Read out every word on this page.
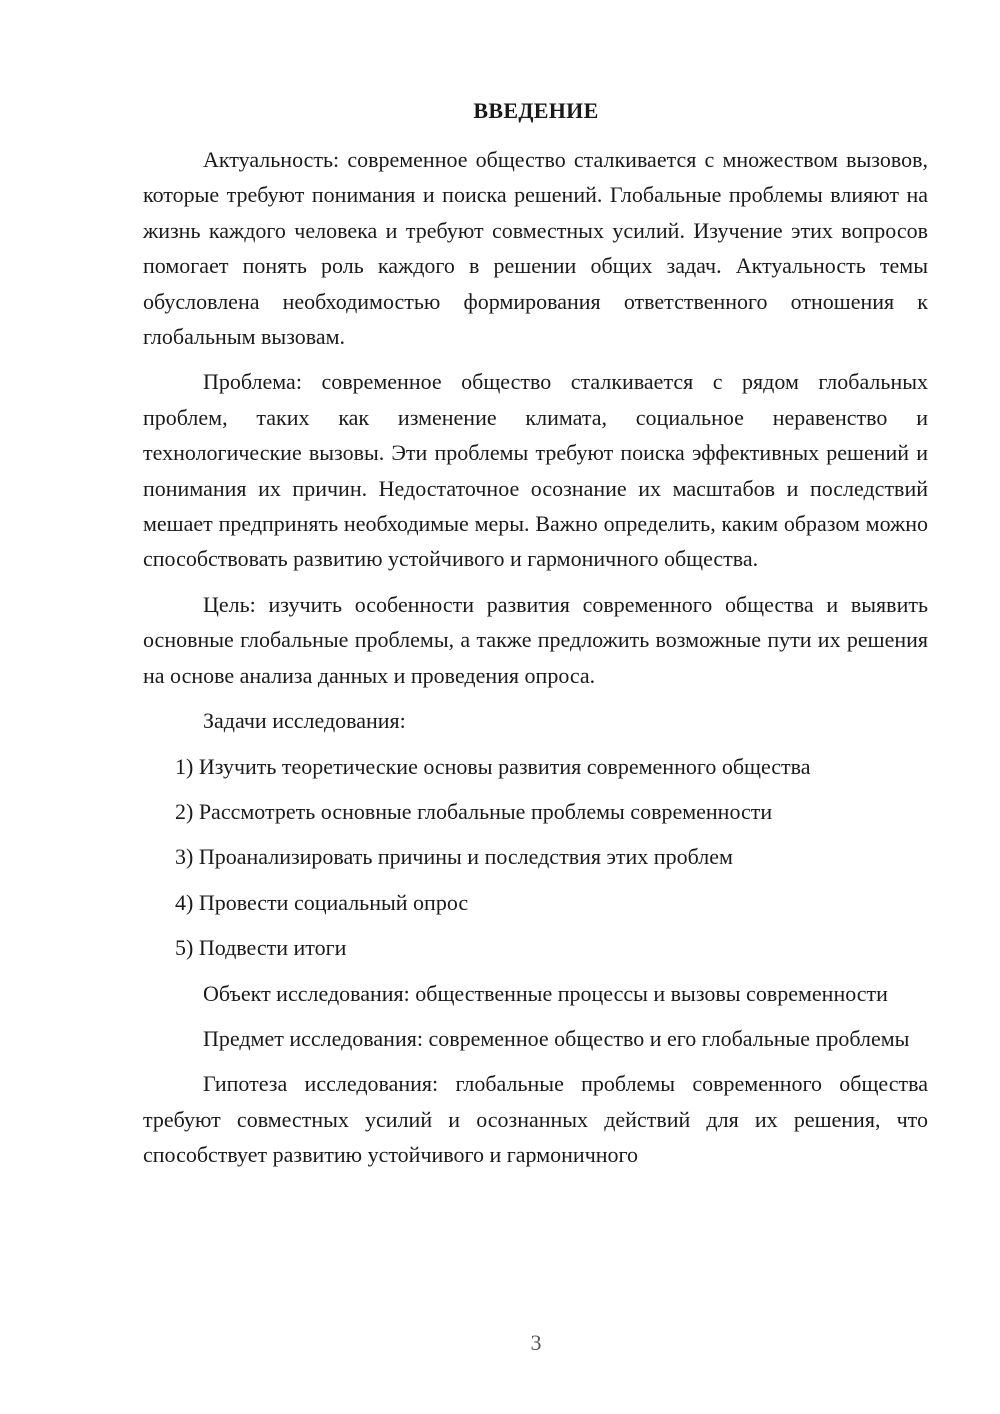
ВВЕДЕНИЕ

Актуальность: современное общество сталкивается с множеством вызовов, которые требуют понимания и поиска решений. Глобальные проблемы влияют на жизнь каждого человека и требуют совместных усилий. Изучение этих вопросов помогает понять роль каждого в решении общих задач. Актуальность темы обусловлена необходимостью формирования ответственного отношения к глобальным вызовам.

Проблема: современное общество сталкивается с рядом глобальных проблем, таких как изменение климата, социальное неравенство и технологические вызовы. Эти проблемы требуют поиска эффективных решений и понимания их причин. Недостаточное осознание их масштабов и последствий мешает предпринять необходимые меры. Важно определить, каким образом можно способствовать развитию устойчивого и гармоничного общества.

Цель: изучить особенности развития современного общества и выявить основные глобальные проблемы, а также предложить возможные пути их решения на основе анализа данных и проведения опроса.

Задачи исследования:

1) Изучить теоретические основы развития современного общества

2) Рассмотреть основные глобальные проблемы современности

3) Проанализировать причины и последствия этих проблем

4) Провести социальный опрос

5) Подвести итоги

Объект исследования: общественные процессы и вызовы современности

Предмет исследования: современное общество и его глобальные проблемы

Гипотеза исследования: глобальные проблемы современного общества требуют совместных усилий и осознанных действий для их решения, что способствует развитию устойчивого и гармоничного

3
